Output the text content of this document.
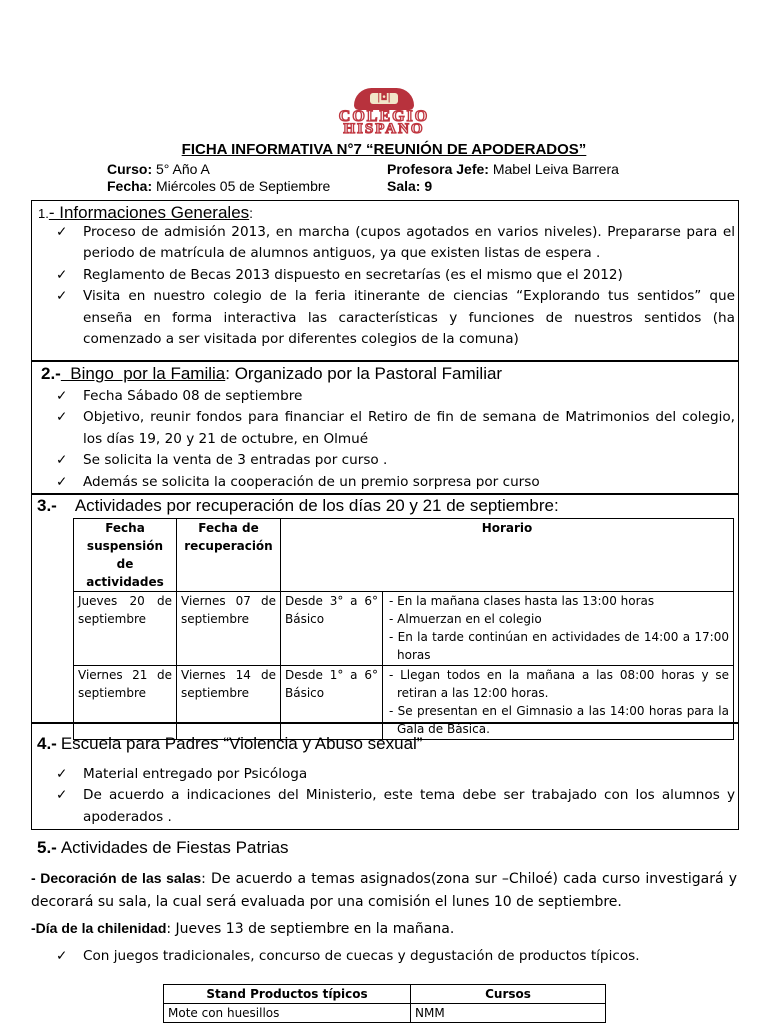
|◘|
COLEGIO
HISPANO
FICHA INFORMATIVA N°7 “REUNIÓN DE APODERADOS”
Curso: 5° Año A	Profesora Jefe: Mabel Leiva Barrera
Fecha: Miércoles 05 de Septiembre	Sala: 9
1.- Informaciones Generales:
✓ Proceso de admisión 2013, en marcha (cupos agotados en varios niveles). Prepararse para el periodo de matrícula de alumnos antiguos, ya que existen listas de espera .
✓ Reglamento de Becas 2013 dispuesto en secretarías (es el mismo que el 2012)
✓ Visita en nuestro colegio de la feria itinerante de ciencias “Explorando tus sentidos” que enseña en forma interactiva las características y funciones de nuestros sentidos (ha comenzado a ser visitada por diferentes colegios de la comuna)
2.-  Bingo  por la Familia: Organizado por la Pastoral Familiar
✓ Fecha Sábado 08 de septiembre
✓ Objetivo, reunir fondos para financiar el Retiro de fin de semana de Matrimonios del colegio, los días 19, 20 y 21 de octubre, en Olmué
✓ Se solicita la venta de 3 entradas por curso .
✓ Además se solicita la cooperación de un premio sorpresa por curso
3.- Actividades por recuperación de los días 20 y 21 de septiembre:
Fecha suspensión de actividades	Fecha de recuperación	Horario	
Jueves 20 de septiembre	Viernes 07 de septiembre	Desde 3° a 6° Básico	- En la mañana clases hasta las 13:00 horas
- Almuerzan en el colegio
- En la tarde continúan en actividades de 14:00 a 17:00 horas

Viernes 21 de septiembre	Viernes 14 de septiembre	Desde 1° a 6° Básico	- Llegan todos en la mañana a las 08:00 horas y se retiran a las 12:00 horas.
- Se presentan en el Gimnasio a las 14:00 horas para la Gala de Básica.
4.- Escuela para Padres “Violencia y Abuso sexual”
✓ Material entregado por Psicóloga
✓ De acuerdo a indicaciones del Ministerio, este tema debe ser trabajado con los alumnos y apoderados .
5.- Actividades de Fiestas Patrias
- Decoración de las salas: De acuerdo a temas asignados(zona sur –Chiloé) cada curso investigará y decorará su sala, la cual será evaluada por una comisión el lunes 10 de septiembre.
-Día de la chilenidad: Jueves 13 de septiembre en la mañana.
✓ Con juegos tradicionales, concurso de cuecas y degustación de productos típicos.
Stand Productos típicos	Cursos
Mote con huesillos	NMM
